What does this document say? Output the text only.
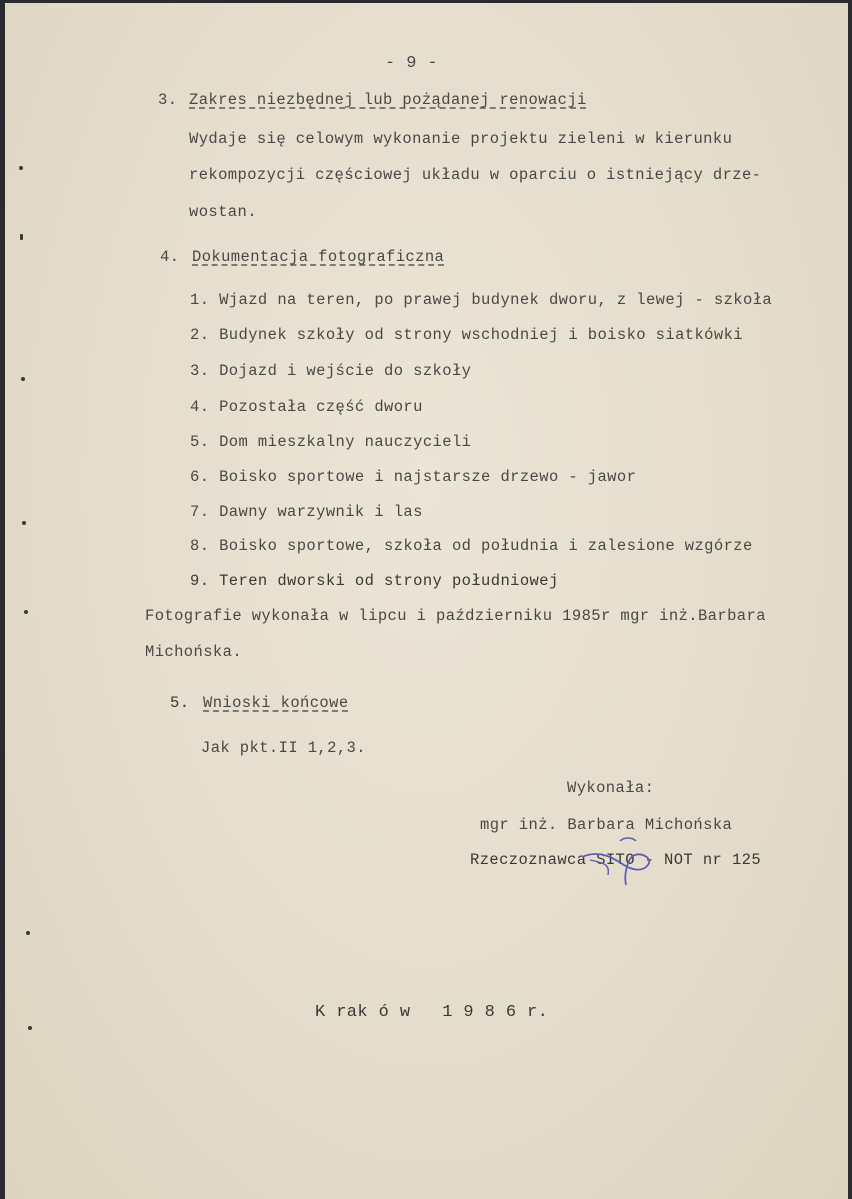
- 9 -
3. Zakres niezbędnej lub pożądanej renowacji
Wydaje się celowym wykonanie projektu zieleni w kierunku
rekompozycji częściowej układu w oparciu o istniejący drze-
wostan.
4. Dokumentacja fotograficzna
1. Wjazd na teren, po prawej budynek dworu, z lewej - szkoła
2. Budynek szkoły od strony wschodniej i boisko siatkówki
3. Dojazd i wejście do szkoły
4. Pozostała część dworu
5. Dom mieszkalny nauczycieli
6. Boisko sportowe i najstarsze drzewo - jawor
7. Dawny warzywnik i las
8. Boisko sportowe, szkoła od południa i zalesione wzgórze
9. Teren dworski od strony południowej
Fotografie wykonała w lipcu i październiku 1985r mgr inż.Barbara
Michońska.
5. Wnioski końcowe
Jak pkt.II 1,2,3.
Wykonała:
mgr inż. Barbara Michońska
Rzeczoznawca SITO - NOT nr 125
K rak ó w   1 9 8 6 r.
